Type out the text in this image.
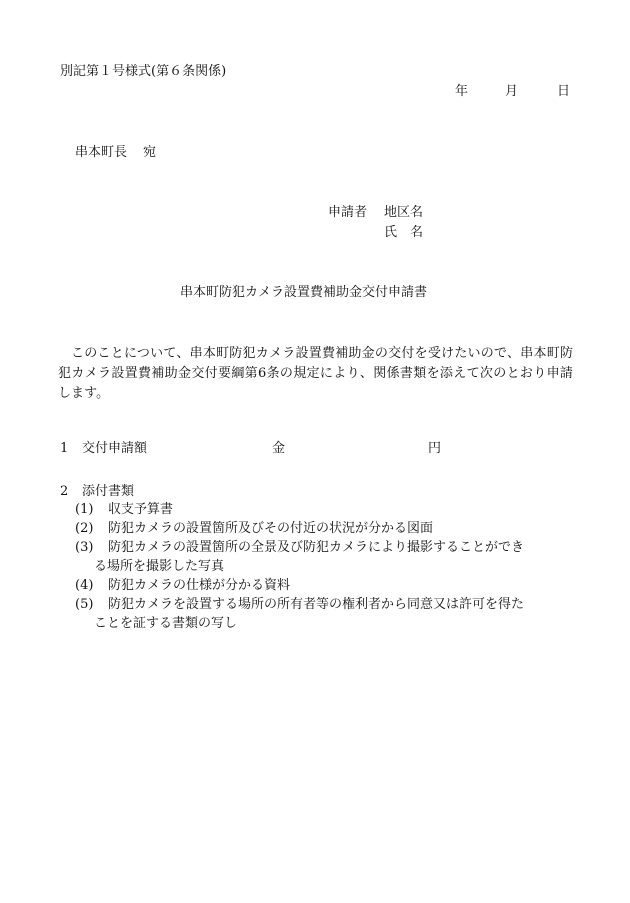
別記第１号様式(第６条関係)
年	月	日
串本町長 宛
申請者 地区名
氏 名
串本町防犯カメラ設置費補助金交付申請書
このことについて、串本町防犯カメラ設置費補助金の交付を受けたいので、串本町防犯カメラ設置費補助金交付要綱第6条の規定により、関係書類を添えて次のとおり申請します。
1 交付申請額	金	円
2 添付書類
(1) 収支予算書
(2) 防犯カメラの設置箇所及びその付近の状況が分かる図面
(3) 防犯カメラの設置箇所の全景及び防犯カメラにより撮影することができ
る場所を撮影した写真
(4) 防犯カメラの仕様が分かる資料
(5) 防犯カメラを設置する場所の所有者等の権利者から同意又は許可を得た
ことを証する書類の写し
